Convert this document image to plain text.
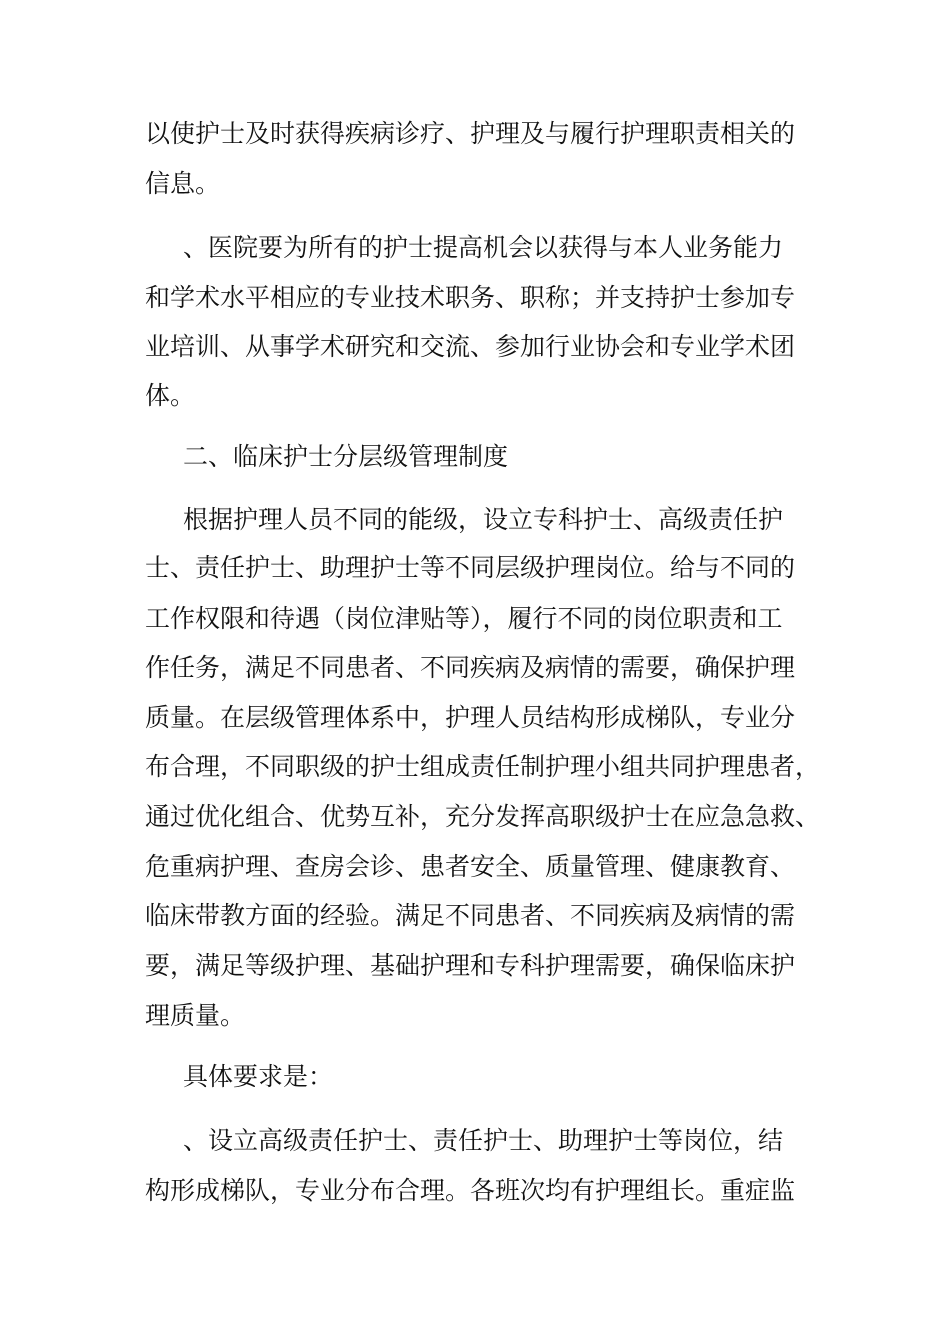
以使护士及时获得疾病诊疗、护理及与履行护理职责相关的
信息。
、医院要为所有的护士提高机会以获得与本人业务能力
和学术水平相应的专业技术职务、职称；并支持护士参加专
业培训、从事学术研究和交流、参加行业协会和专业学术团
体。
二、临床护士分层级管理制度
根据护理人员不同的能级，设立专科护士、高级责任护
士、责任护士、助理护士等不同层级护理岗位。给与不同的
工作权限和待遇（岗位津贴等），履行不同的岗位职责和工
作任务，满足不同患者、不同疾病及病情的需要，确保护理
质量。在层级管理体系中，护理人员结构形成梯队，专业分
布合理，不同职级的护士组成责任制护理小组共同护理患者，
通过优化组合、优势互补，充分发挥高职级护士在应急急救、
危重病护理、查房会诊、患者安全、质量管理、健康教育、
临床带教方面的经验。满足不同患者、不同疾病及病情的需
要，满足等级护理、基础护理和专科护理需要，确保临床护
理质量。
具体要求是：
、设立高级责任护士、责任护士、助理护士等岗位，结
构形成梯队，专业分布合理。各班次均有护理组长。重症监
